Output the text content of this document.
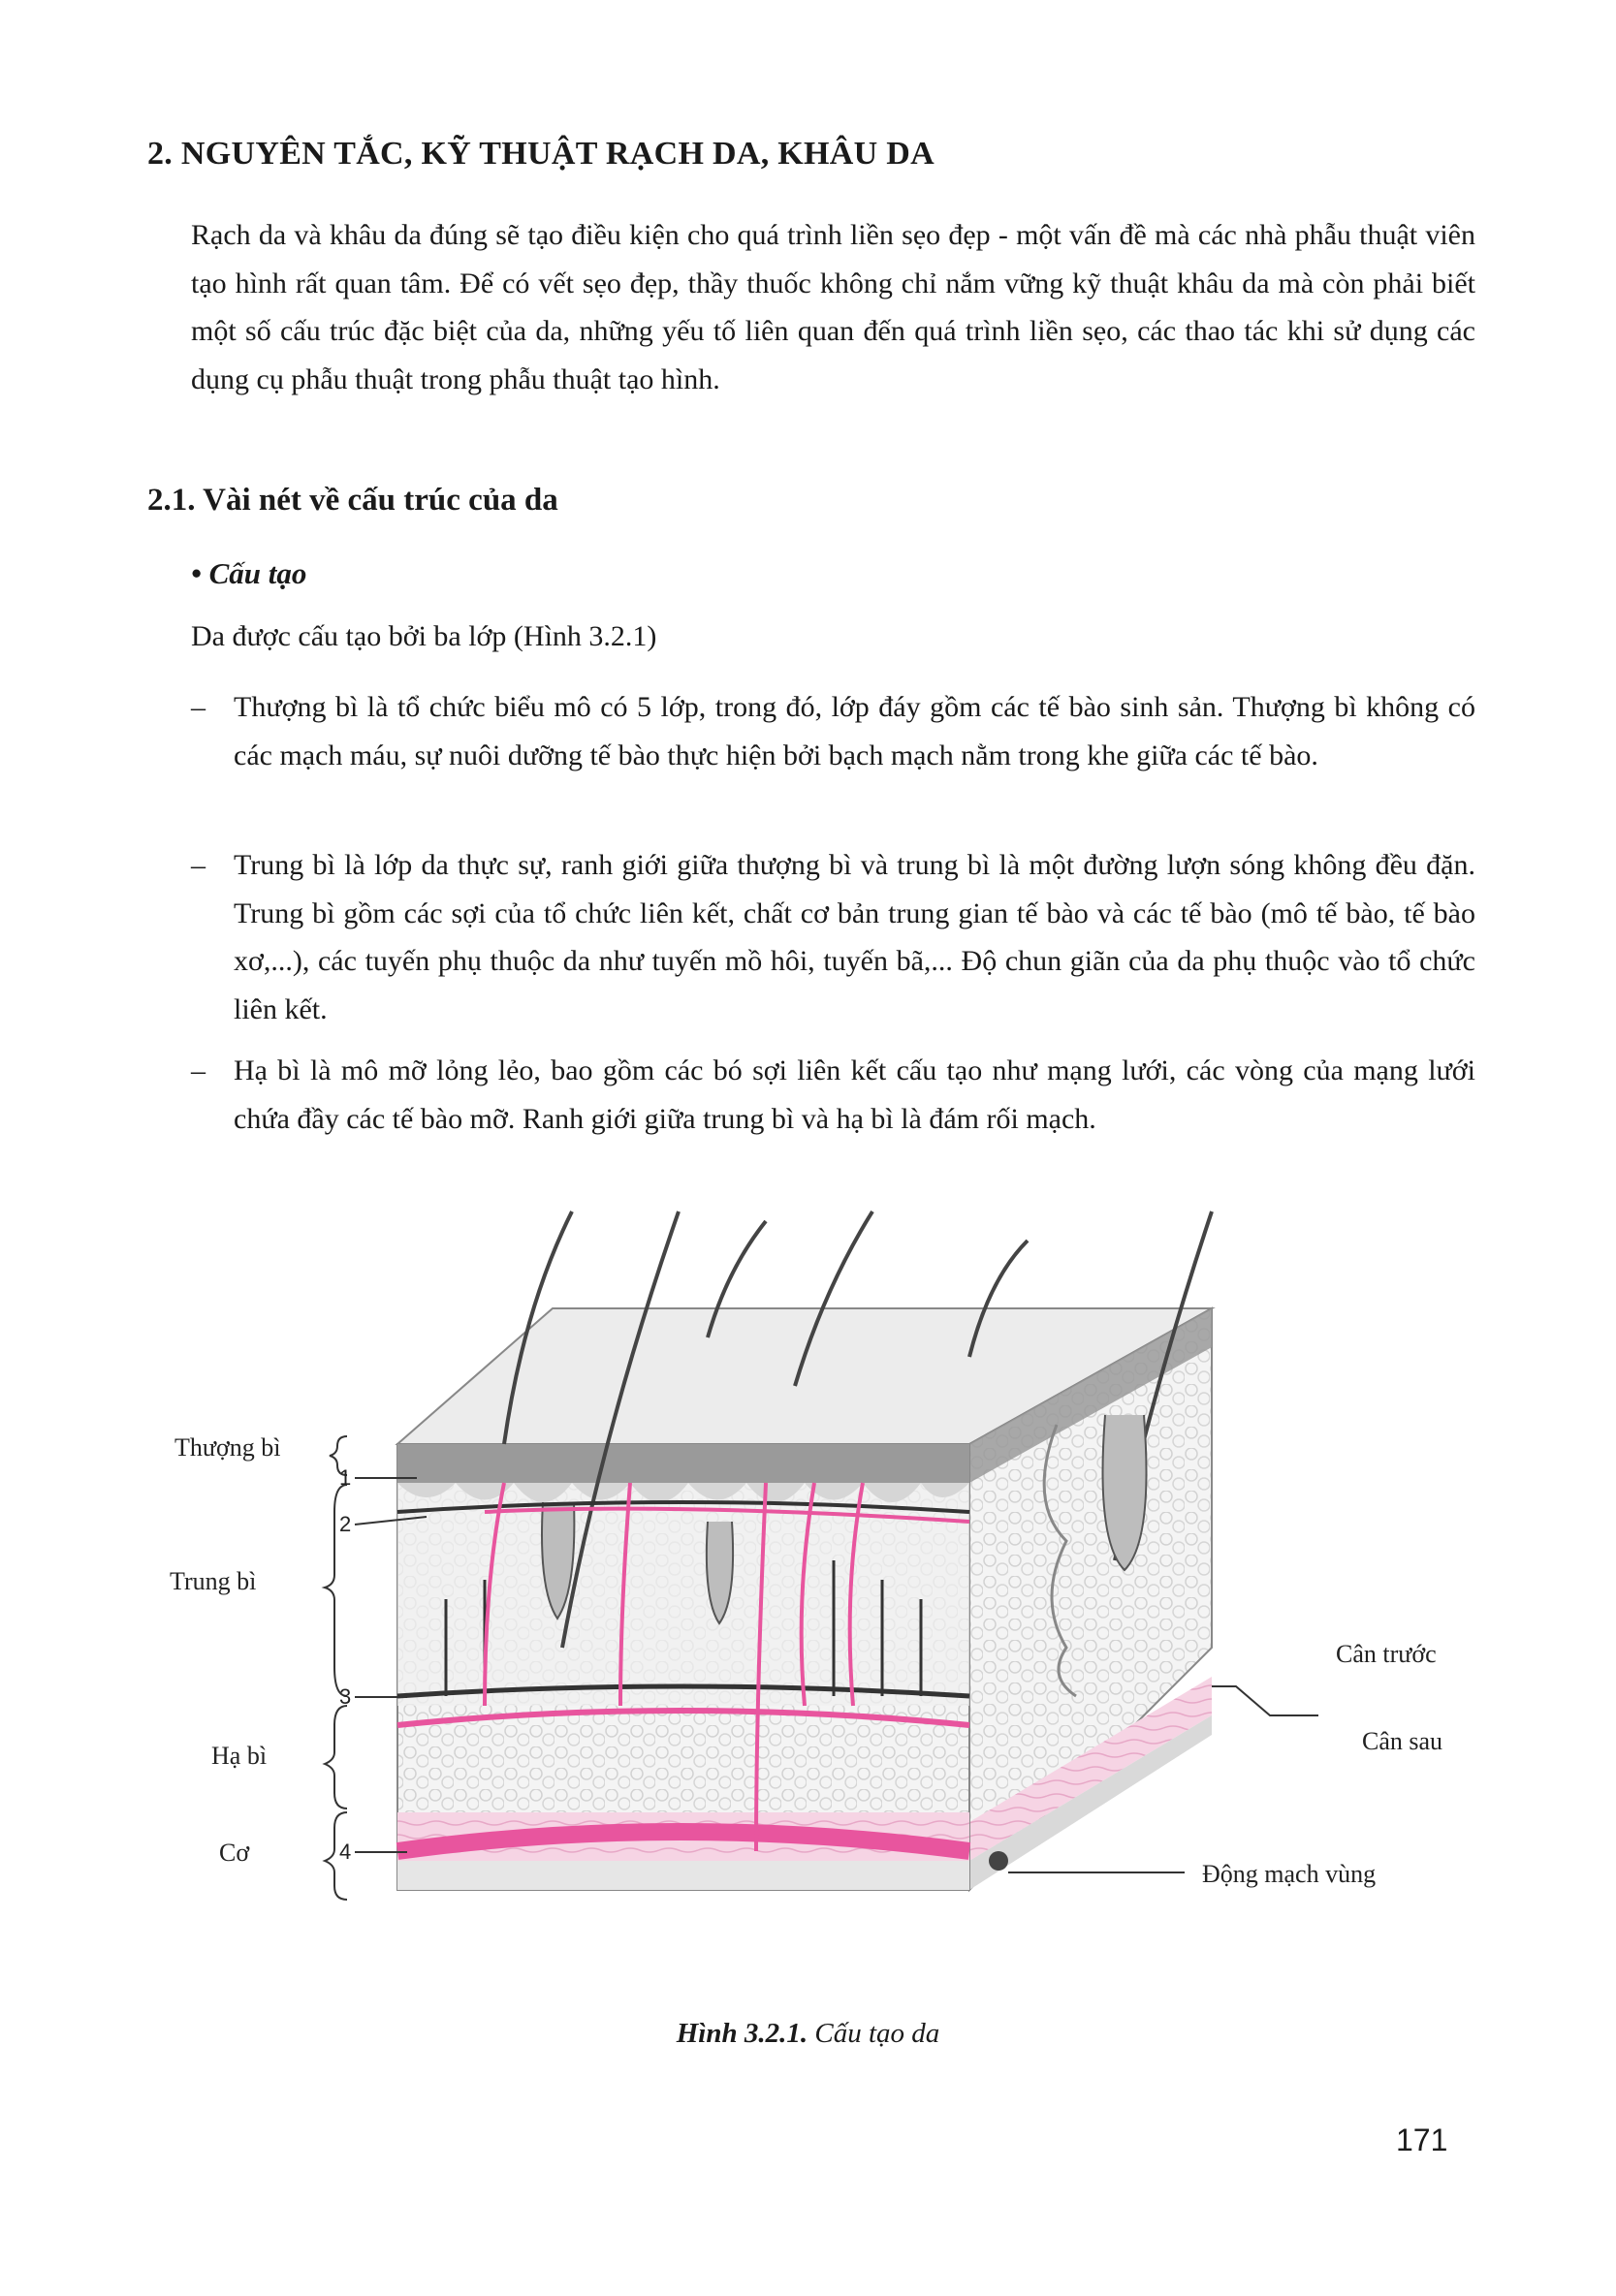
2. NGUYÊN TẮC, KỸ THUẬT RẠCH DA, KHÂU DA
Rạch da và khâu da đúng sẽ tạo điều kiện cho quá trình liền sẹo đẹp - một vấn đề mà các nhà phẫu thuật viên tạo hình rất quan tâm. Để có vết sẹo đẹp, thầy thuốc không chỉ nắm vững kỹ thuật khâu da mà còn phải biết một số cấu trúc đặc biệt của da, những yếu tố liên quan đến quá trình liền sẹo, các thao tác khi sử dụng các dụng cụ phẫu thuật trong phẫu thuật tạo hình.
2.1. Vài nét về cấu trúc của da
• Cấu tạo
Da được cấu tạo bởi ba lớp (Hình 3.2.1)
– Thượng bì là tổ chức biểu mô có 5 lớp, trong đó, lớp đáy gồm các tế bào sinh sản. Thượng bì không có các mạch máu, sự nuôi dưỡng tế bào thực hiện bởi bạch mạch nằm trong khe giữa các tế bào.
– Trung bì là lớp da thực sự, ranh giới giữa thượng bì và trung bì là một đường lượn sóng không đều đặn. Trung bì gồm các sợi của tổ chức liên kết, chất cơ bản trung gian tế bào và các tế bào (mô tế bào, tế bào xơ,...), các tuyến phụ thuộc da như tuyến mồ hôi, tuyến bã,... Độ chun giãn của da phụ thuộc vào tổ chức liên kết.
– Hạ bì là mô mỡ lỏng lẻo, bao gồm các bó sợi liên kết cấu tạo như mạng lưới, các vòng của mạng lưới chứa đầy các tế bào mỡ. Ranh giới giữa trung bì và hạ bì là đám rối mạch.
Thượng bì
Trung bì
Hạ bì
Cơ
1
2
3
4
Cân trước
Cân sau
Động mạch vùng
Hình 3.2.1. Cấu tạo da
171
